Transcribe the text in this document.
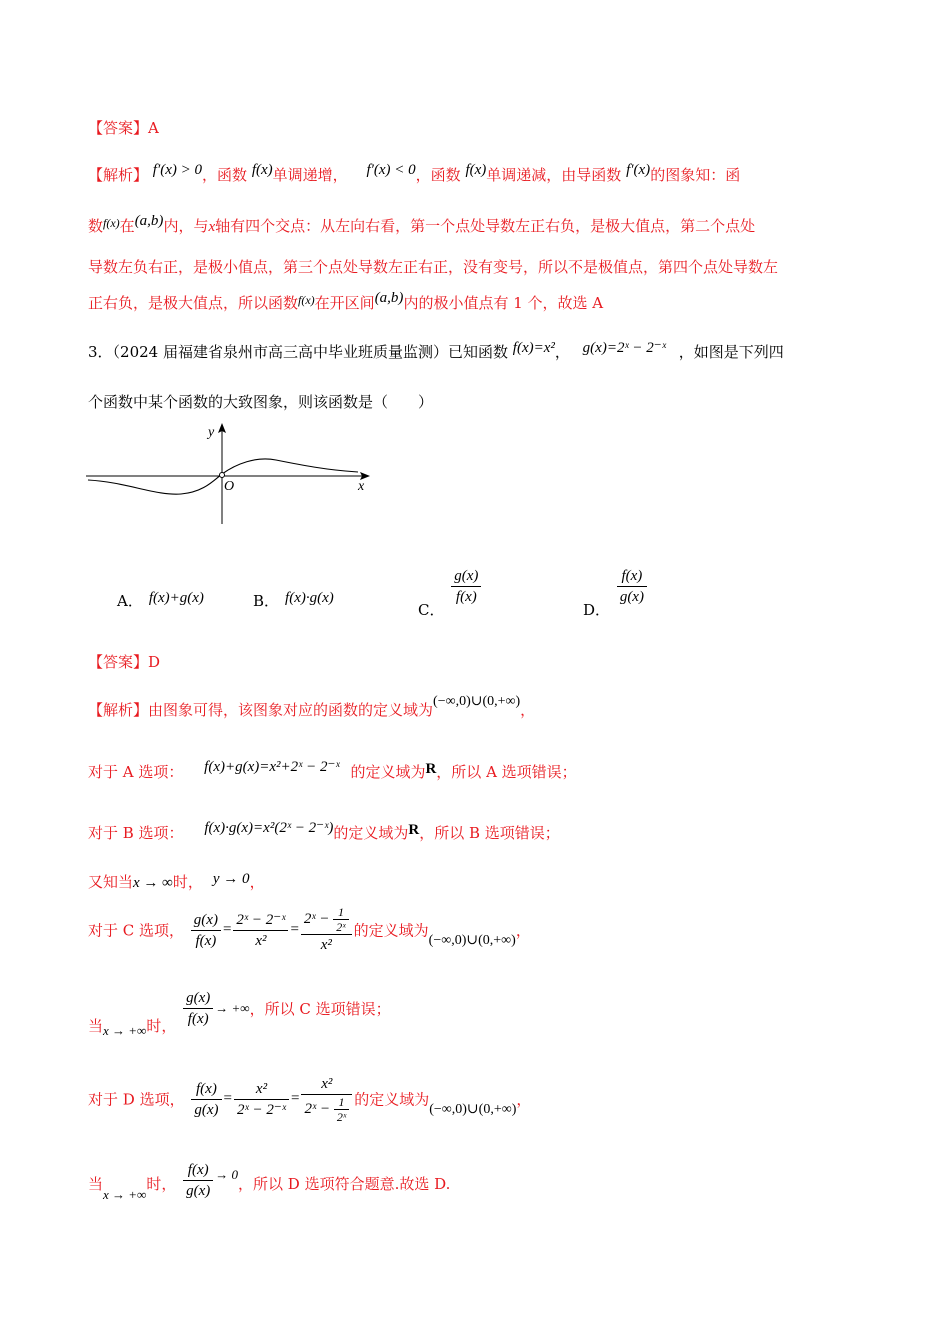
【答案】A
【解析】 f′(x) > 0，函数 f(x)单调递增， f′(x) < 0，函数 f(x)单调递减，由导函数 f′(x)的图象知：函
数$^{f(x)}$在(a,b)内，与x轴有四个交点：从左向右看，第一个点处导数左正右负，是极大值点，第二个点处
导数左负右正，是极小值点，第三个点处导数左正右正，没有变号，所以不是极值点，第四个点处导数左
正右负，是极大值点，所以函数$^{f(x)}$在开区间(a,b)内的极小值点有 1 个，故选 A
3．（2024 届福建省泉州市高三高中毕业班质量监测）已知函数 f(x)=x²， g(x)=2ˣ − 2⁻ˣ ，如图是下列四
个函数中某个函数的大致图象，则该函数是（　　）
y
x
O
A． f(x)+g(x)	B． f(x)·g(x)
C．
$\frac{g(x)}{f(x)}$
D．
$\frac{f(x)}{g(x)}$
【答案】D
【解析】由图象可得，该图象对应的函数的定义域为(−∞,0)∪(0,+∞)，
对于 A 选项： f(x)+g(x)=x²+2ˣ − 2⁻ˣ 的定义域为R，所以 A 选项错误；
对于 B 选项： f(x)·g(x)=x²(2ˣ − 2⁻ˣ)的定义域为R，所以 B 选项错误；
又知当x → ∞时， y → 0，
对于 C 选项， $\frac{g(x)}{f(x)} = \frac{\text{2ˣ − 2⁻ˣ}}{\text{x²}} = \frac{2ˣ - \frac{1}{\text{2ˣ}}}{\text{x²}}$ 的定义域为(−∞,0)∪(0,+∞)，
当x → +∞时， $\frac{g(x)}{f(x)}$ → +∞，所以 C 选项错误；
对于 D 选项， $\frac{f(x)}{g(x)} = \frac{\text{x²}}{\text{2ˣ − 2⁻ˣ}} = \frac{\text{x²}}{2ˣ - \frac{1}{\text{2ˣ}}}$ 的定义域为(−∞,0)∪(0,+∞)，
当x → +∞时， $\frac{f(x)}{g(x)} \to 0$，所以 D 选项符合题意.故选 D.
